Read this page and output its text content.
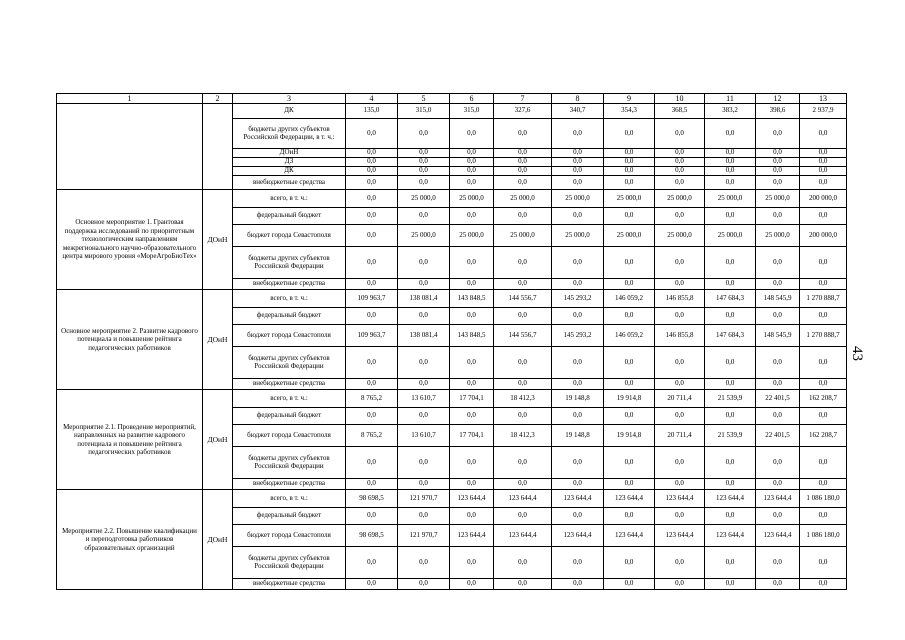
1	2	3	4	5	6	7	8	9	10	11	12	13
		ДК	135,0	315,0	315,0	327,6	340,7	354,3	368,5	383,2	398,6	2 937,9
		бюджеты других субъектов Российской Федерации, в т. ч.:	0,0	0,0	0,0	0,0	0,0	0,0	0,0	0,0	0,0	0,0
		ДОиН	0,0	0,0	0,0	0,0	0,0	0,0	0,0	0,0	0,0	0,0
		ДЗ	0,0	0,0	0,0	0,0	0,0	0,0	0,0	0,0	0,0	0,0
		ДК	0,0	0,0	0,0	0,0	0,0	0,0	0,0	0,0	0,0	0,0
		внебюджетные средства	0,0	0,0	0,0	0,0	0,0	0,0	0,0	0,0	0,0	0,0
Основное мероприятие 1. Грантовая поддержка исследований по приоритетным технологическим направлениям межрегионального научно-образовательного центра мирового уровня «МореАгроБиоТех»	ДОиН	всего, в т. ч.:	0,0	25 000,0	25 000,0	25 000,0	25 000,0	25 000,0	25 000,0	25 000,0	25 000,0	200 000,0
		федеральный бюджет	0,0	0,0	0,0	0,0	0,0	0,0	0,0	0,0	0,0	0,0
		бюджет города Севастополя	0,0	25 000,0	25 000,0	25 000,0	25 000,0	25 000,0	25 000,0	25 000,0	25 000,0	200 000,0
		бюджеты других субъектов Российской Федерации	0,0	0,0	0,0	0,0	0,0	0,0	0,0	0,0	0,0	0,0
		внебюджетные средства	0,0	0,0	0,0	0,0	0,0	0,0	0,0	0,0	0,0	0,0
Основное мероприятие 2. Развитие кадрового потенциала и повышение рейтинга педагогических работников	ДОиН	всего, в т. ч.:	109 963,7	138 081,4	143 848,5	144 556,7	145 293,2	146 059,2	146 855,8	147 684,3	148 545,9	1 270 888,7
		федеральный бюджет	0,0	0,0	0,0	0,0	0,0	0,0	0,0	0,0	0,0	0,0
		бюджет города Севастополя	109 963,7	138 081,4	143 848,5	144 556,7	145 293,2	146 059,2	146 855,8	147 684,3	148 545,9	1 270 888,7
		бюджеты других субъектов Российской Федерации	0,0	0,0	0,0	0,0	0,0	0,0	0,0	0,0	0,0	0,0
		внебюджетные средства	0,0	0,0	0,0	0,0	0,0	0,0	0,0	0,0	0,0	0,0
Мероприятие 2.1. Проведение мероприятий, направленных на развитие кадрового потенциала и повышение рейтинга педагогических работников	ДОиН	всего, в т. ч.:	8 765,2	13 610,7	17 704,1	18 412,3	19 148,8	19 914,8	20 711,4	21 539,9	22 401,5	162 208,7
		федеральный бюджет	0,0	0,0	0,0	0,0	0,0	0,0	0,0	0,0	0,0	0,0
		бюджет города Севастополя	8 765,2	13 610,7	17 704,1	18 412,3	19 148,8	19 914,8	20 711,4	21 539,9	22 401,5	162 208,7
		бюджеты других субъектов Российской Федерации	0,0	0,0	0,0	0,0	0,0	0,0	0,0	0,0	0,0	0,0
		внебюджетные средства	0,0	0,0	0,0	0,0	0,0	0,0	0,0	0,0	0,0	0,0
Мероприятие 2.2. Повышение квалификации и переподготовка работников образовательных организаций	ДОиН	всего, в т. ч.:	98 698,5	121 970,7	123 644,4	123 644,4	123 644,4	123 644,4	123 644,4	123 644,4	123 644,4	1 086 180,0
		федеральный бюджет	0,0	0,0	0,0	0,0	0,0	0,0	0,0	0,0	0,0	0,0
		бюджет города Севастополя	98 698,5	121 970,7	123 644,4	123 644,4	123 644,4	123 644,4	123 644,4	123 644,4	123 644,4	1 086 180,0
		бюджеты других субъектов Российской Федерации	0,0	0,0	0,0	0,0	0,0	0,0	0,0	0,0	0,0	0,0
		внебюджетные средства	0,0	0,0	0,0	0,0	0,0	0,0	0,0	0,0	0,0	0,0
43
